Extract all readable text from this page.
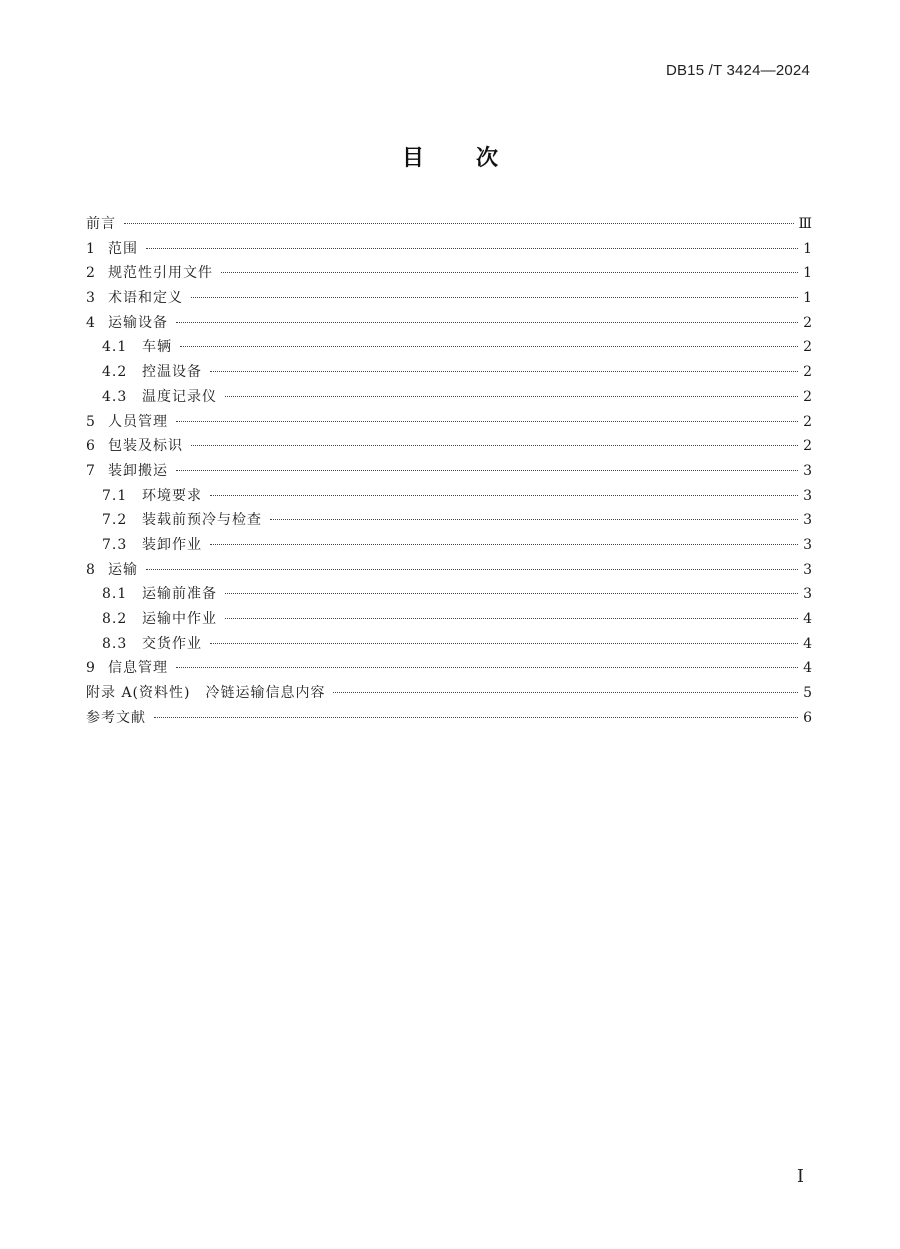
DB15 /T 3424—2024
目次
前言	Ⅲ
1 范围	1
2 规范性引用文件	1
3 术语和定义	1
4 运输设备	2
4.1 车辆	2
4.2 控温设备	2
4.3 温度记录仪	2
5 人员管理	2
6 包装及标识	2
7 装卸搬运	3
7.1 环境要求	3
7.2 装载前预冷与检查	3
7.3 装卸作业	3
8 运输	3
8.1 运输前准备	3
8.2 运输中作业	4
8.3 交货作业	4
9 信息管理	4
附录 A(资料性)　冷链运输信息内容	5
参考文献	6
I
